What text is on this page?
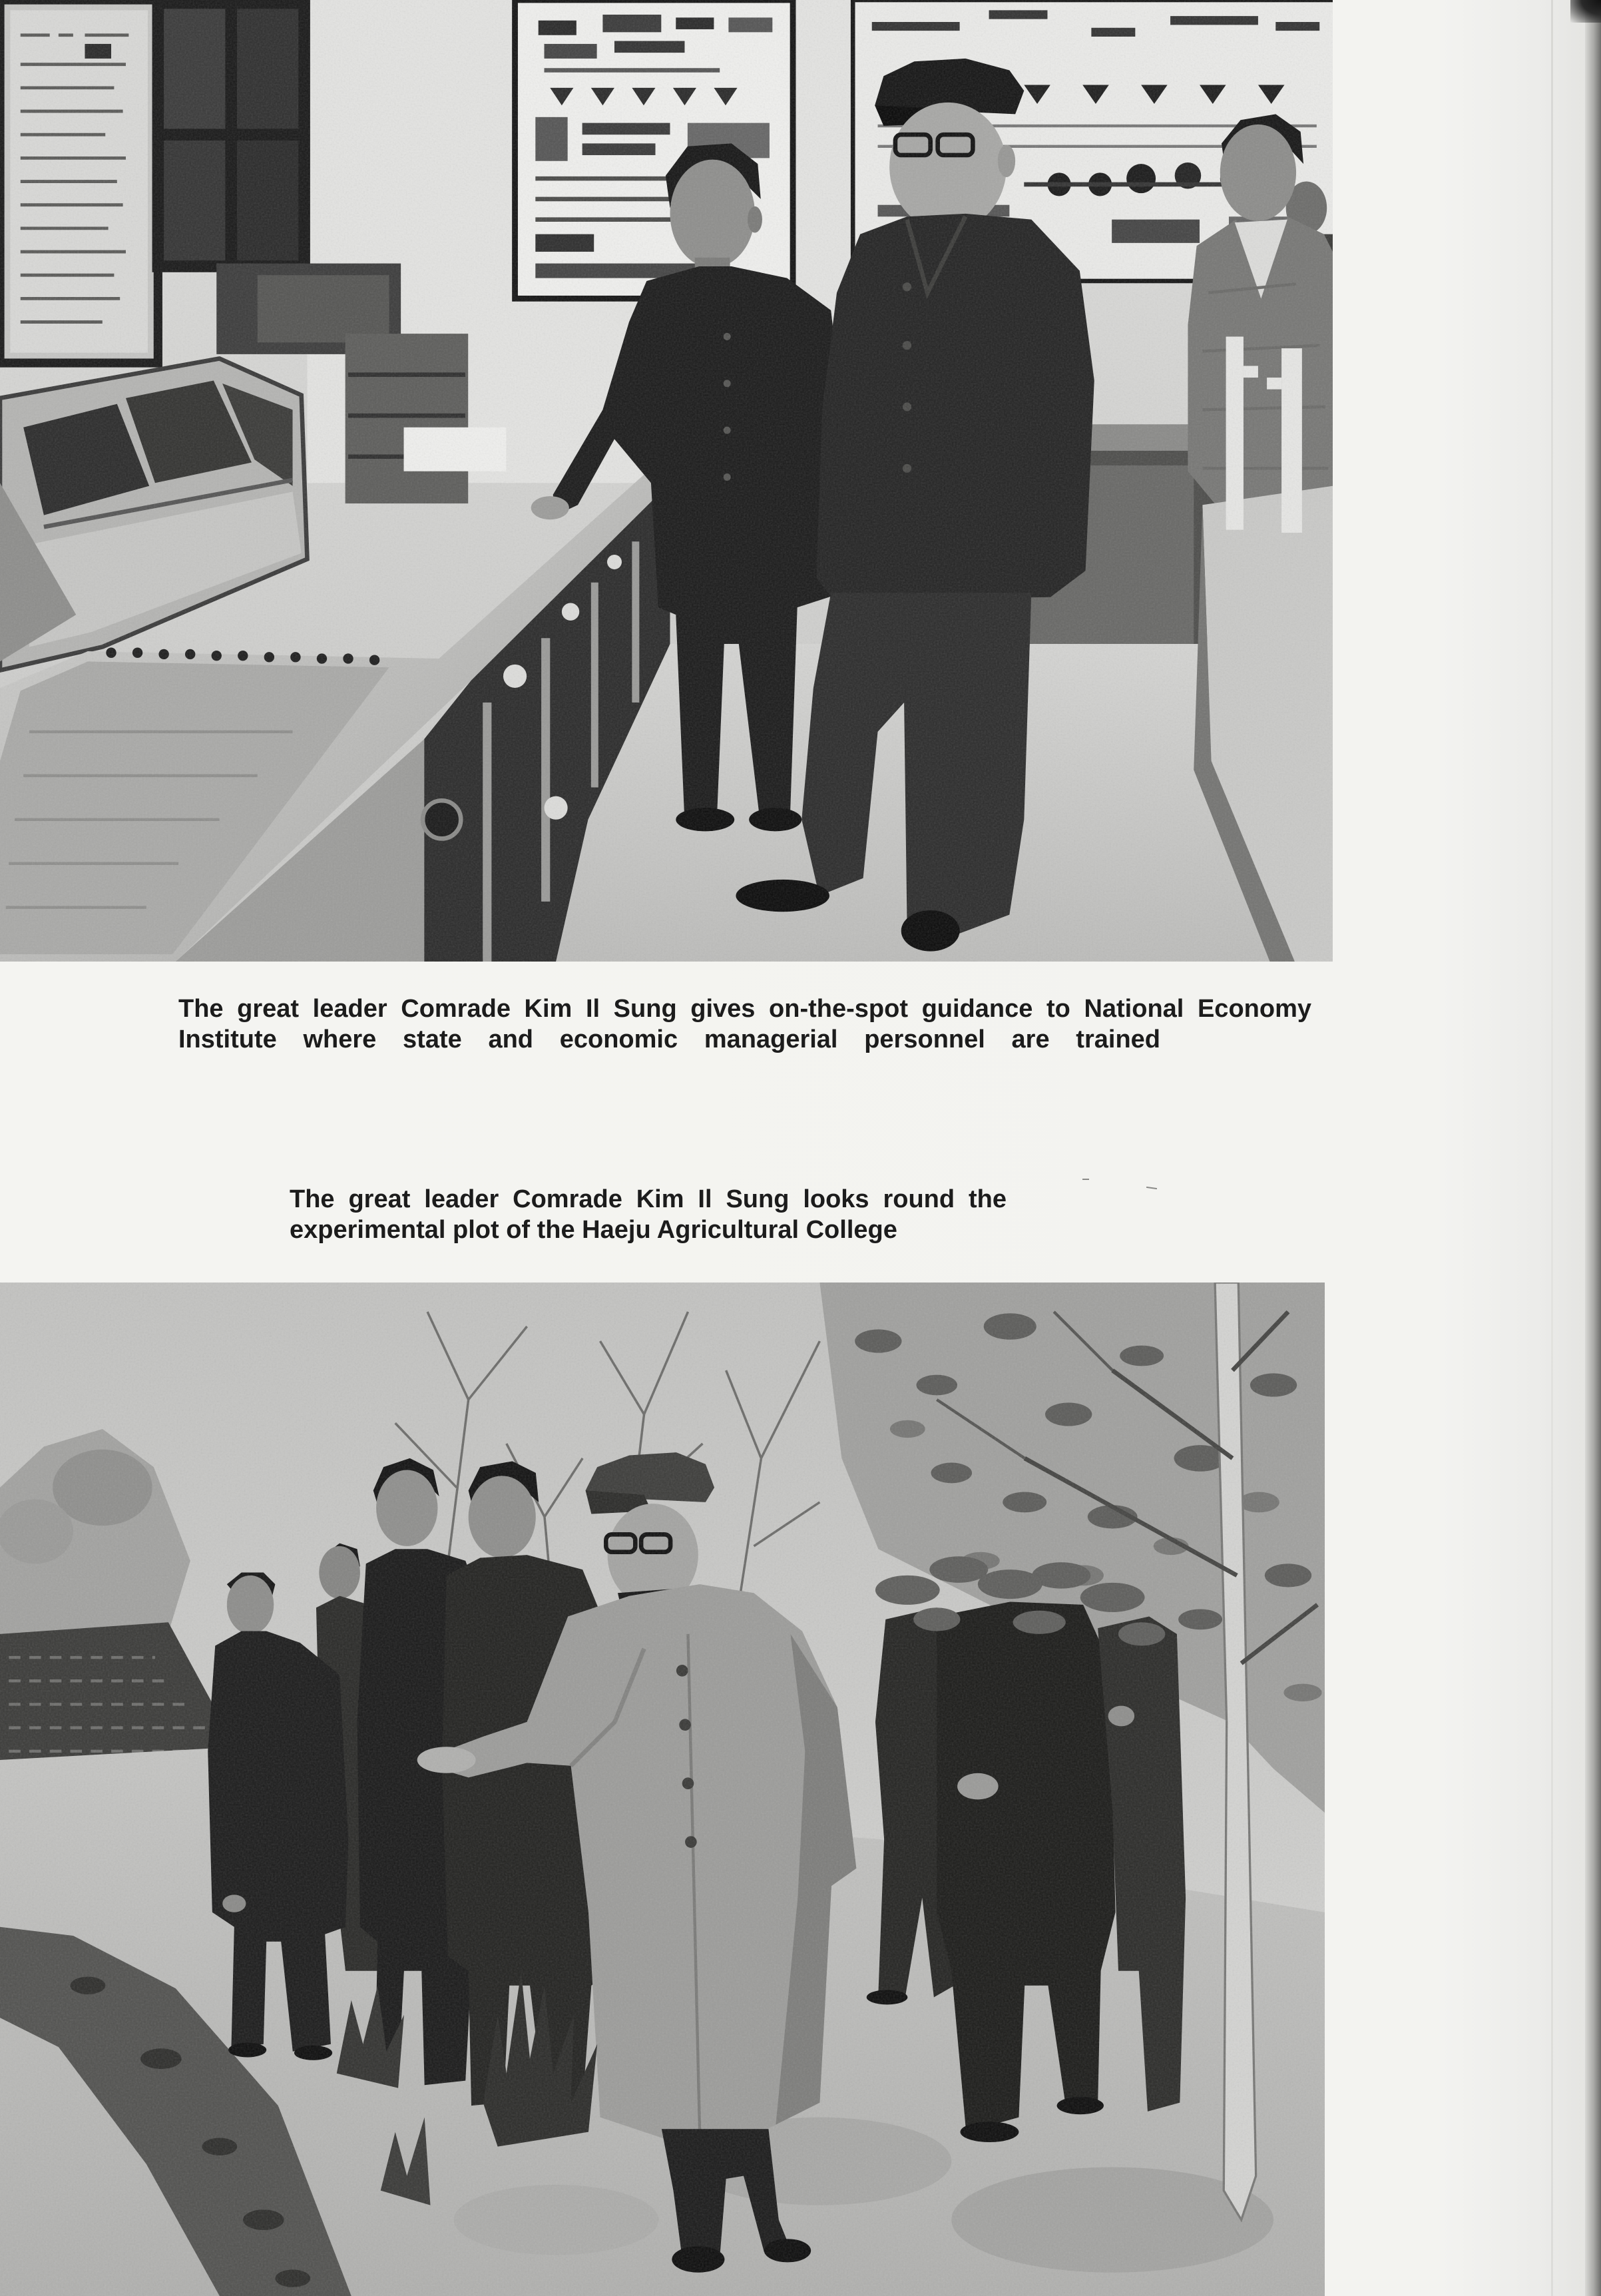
The great leader Comrade Kim Il Sung gives on-the-spot guidance to National Economy
Institute where state and economic managerial personnel are trained
The great leader Comrade Kim Il Sung looks round the
experimental plot of the Haeju Agricultural College
